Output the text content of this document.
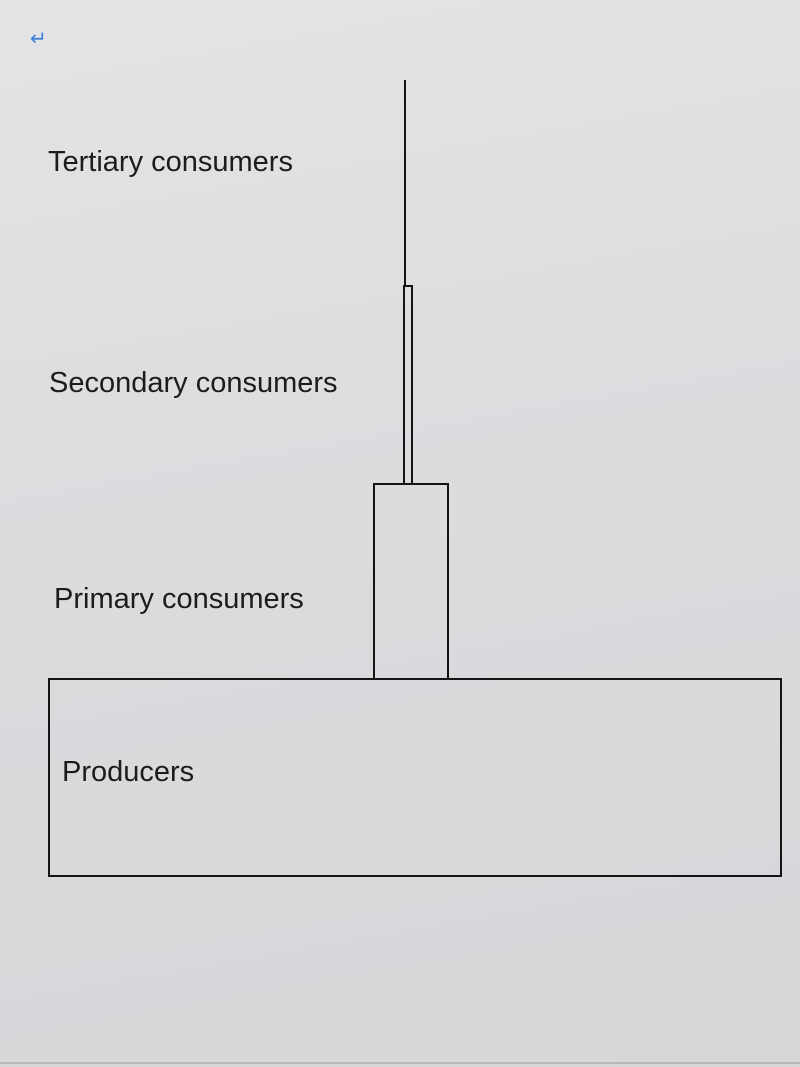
↵
Tertiary consumers
Secondary consumers
Primary consumers
Producers
